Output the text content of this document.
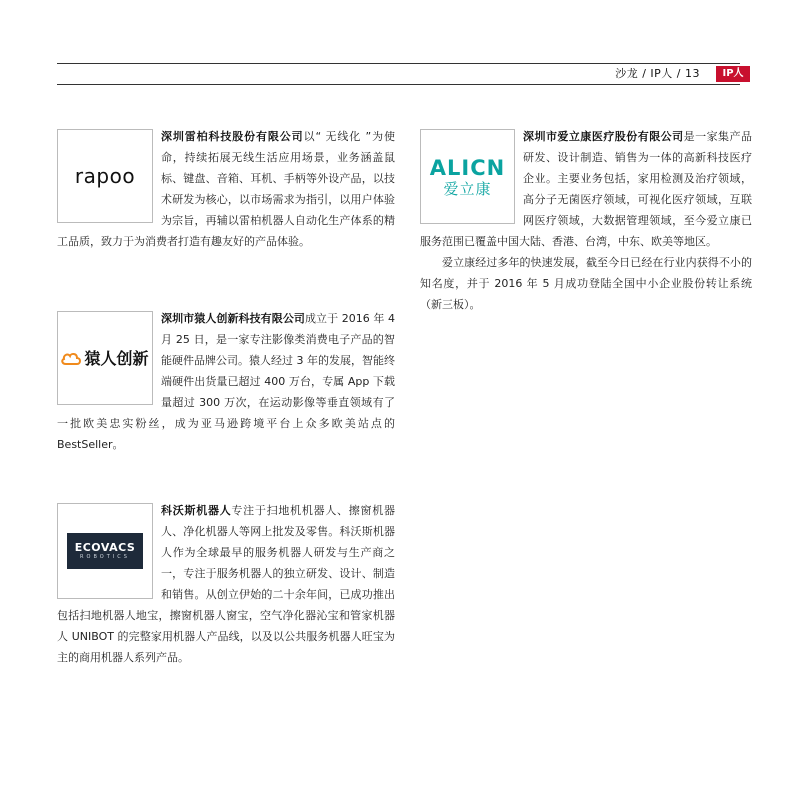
沙龙 / IP人 / 13	IP人
rapoo

深圳雷柏科技股份有限公司以“ 无线化 ”为使命，持续拓展无线生活应用场景，业务涵盖鼠标、键盘、音箱、耳机、手柄等外设产品，以技术研发为核心，以市场需求为指引，以用户体验为宗旨，再辅以雷柏机器人自动化生产体系的精工品质，致力于为消费者打造有趣友好的产品体验。

猿人创新

深圳市猿人创新科技有限公司成立于 2016 年 4 月 25 日，是一家专注影像类消费电子产品的智能硬件品牌公司。猿人经过 3 年的发展，智能终端硬件出货量已超过 400 万台，专属 App 下载量超过 300 万次，在运动影像等垂直领域有了一批欧美忠实粉丝，成为亚马逊跨境平台上众多欧美站点的 BestSeller。

ECOVACS
ROBOTICS

科沃斯机器人专注于扫地机机器人、擦窗机器人、净化机器人等网上批发及零售。科沃斯机器人作为全球最早的服务机器人研发与生产商之一，专注于服务机器人的独立研发、设计、制造和销售。从创立伊始的二十余年间，已成功推出包括扫地机器人地宝，擦窗机器人窗宝，空气净化器沁宝和管家机器人 UNIBOT 的完整家用机器人产品线，以及以公共服务机器人旺宝为主的商用机器人系列产品。

ALICN
爱立康

深圳市爱立康医疗股份有限公司是一家集产品研发、设计制造、销售为一体的高新科技医疗企业。主要业务包括，家用检测及治疗领域，高分子无菌医疗领域，可视化医疗领域，互联网医疗领域，大数据管理领域，至今爱立康已服务范围已覆盖中国大陆、香港、台湾，中东、欧美等地区。

爱立康经过多年的快速发展，截至今日已经在行业内获得不小的知名度，并于 2016 年 5 月成功登陆全国中小企业股份转让系统（新三板）。
